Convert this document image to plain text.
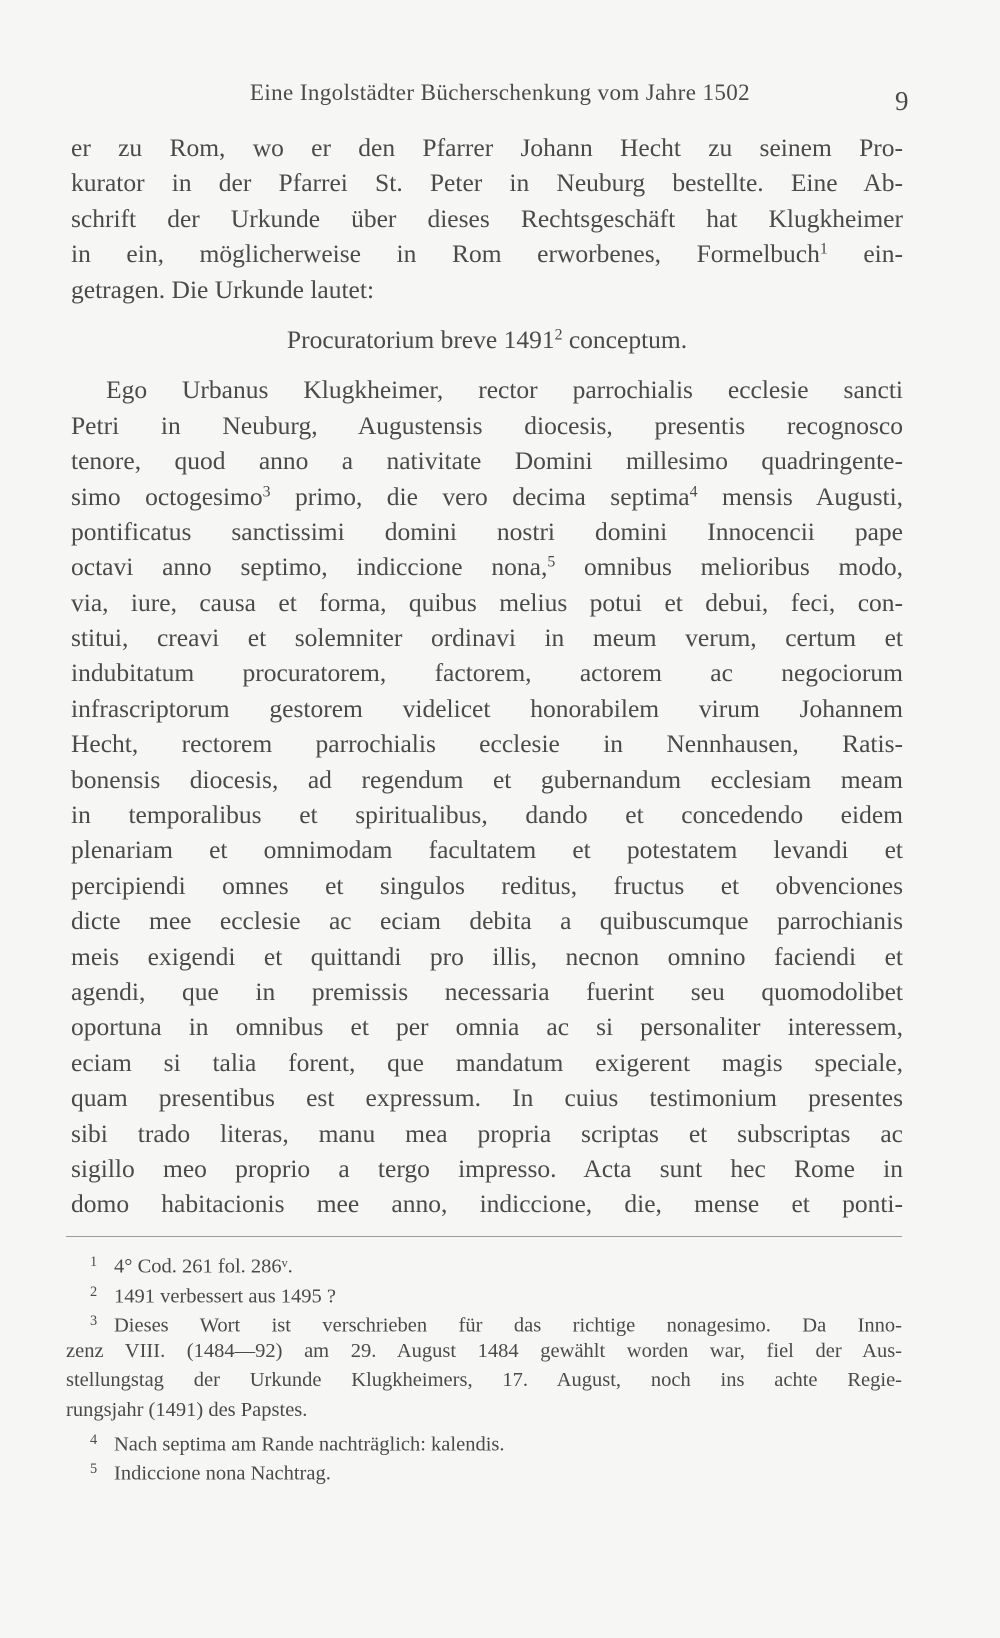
Eine Ingolstädter Bücherschenkung vom Jahre 1502	9
er zu Rom, wo er den Pfarrer Johann Hecht zu seinem Pro-
kurator in der Pfarrei St. Peter in Neuburg bestellte. Eine Ab-
schrift der Urkunde über dieses Rechtsgeschäft hat Klugkheimer
in ein, möglicherweise in Rom erworbenes, Formelbuch$^1$ ein-
getragen. Die Urkunde lautet:
Procuratorium breve 1491$^2$ conceptum.
Ego Urbanus Klugkheimer, rector parrochialis ecclesie sancti
Petri in Neuburg, Augustensis diocesis, presentis recognosco
tenore, quod anno a nativitate Domini millesimo quadringente-
simo octogesimo$^3$ primo, die vero decima septima$^4$ mensis Augusti,
pontificatus sanctissimi domini nostri domini Innocencii pape
octavi anno septimo, indiccione nona,$^5$ omnibus melioribus modo,
via, iure, causa et forma, quibus melius potui et debui, feci, con-
stitui, creavi et solemniter ordinavi in meum verum, certum et
indubitatum procuratorem, factorem, actorem ac negociorum
infrascriptorum gestorem videlicet honorabilem virum Johannem
Hecht, rectorem parrochialis ecclesie in Nennhausen, Ratis-
bonensis diocesis, ad regendum et gubernandum ecclesiam meam
in temporalibus et spiritualibus, dando et concedendo eidem
plenariam et omnimodam facultatem et potestatem levandi et
percipiendi omnes et singulos reditus, fructus et obvenciones
dicte mee ecclesie ac eciam debita a quibuscumque parrochianis
meis exigendi et quittandi pro illis, necnon omnino faciendi et
agendi, que in premissis necessaria fuerint seu quomodolibet
oportuna in omnibus et per omnia ac si personaliter interessem,
eciam si talia forent, que mandatum exigerent magis speciale,
quam presentibus est expressum. In cuius testimonium presentes
sibi trado literas, manu mea propria scriptas et subscriptas ac
sigillo meo proprio a tergo impresso. Acta sunt hec Rome in
domo habitacionis mee anno, indiccione, die, mense et ponti-
1 4° Cod. 261 fol. 286ᵛ.
2 1491 verbessert aus 1495 ?
3 Dieses Wort ist verschrieben für das richtige nonagesimo. Da Inno-
zenz VIII. (1484—92) am 29. August 1484 gewählt worden war, fiel der Aus-
stellungstag der Urkunde Klugkheimers, 17. August, noch ins achte Regie-
rungsjahr (1491) des Papstes.
4 Nach septima am Rande nachträglich: kalendis.
5 Indiccione nona Nachtrag.
